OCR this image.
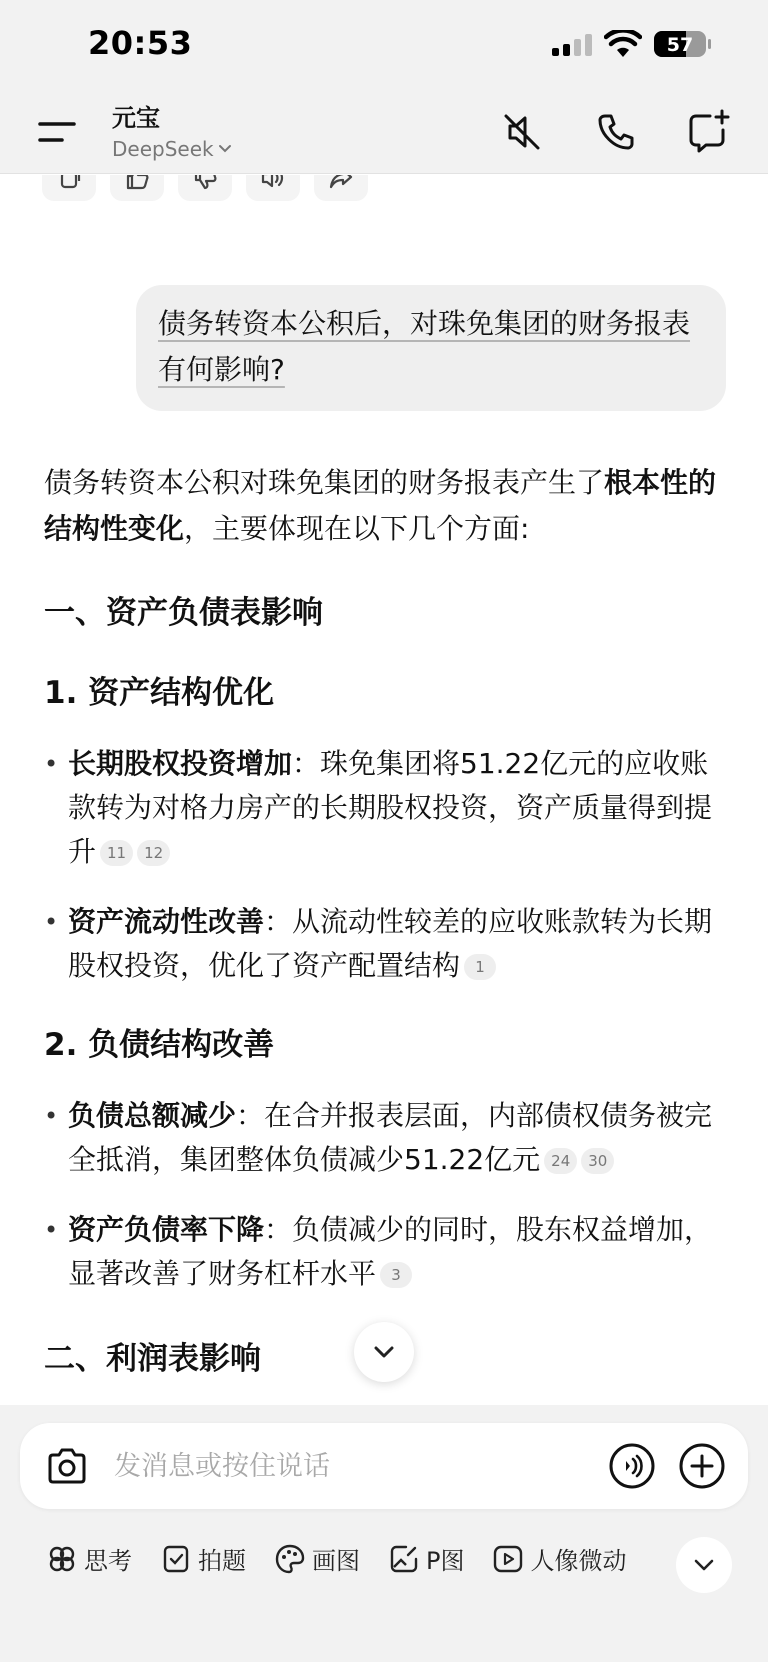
20:53	57
元宝
DeepSeek

债务转资本公积后，对珠免集团的财务报表有何影响?

债务转资本公积对珠免集团的财务报表产生了根本性的结构性变化，主要体现在以下几个方面:

一、资产负债表影响
1. 资产结构优化
• 长期股权投资增加：珠免集团将51.22亿元的应收账款转为对格力房产的长期股权投资，资产质量得到提升 11 12
• 资产流动性改善：从流动性较差的应收账款转为长期股权投资，优化了资产配置结构 1
2. 负债结构改善
• 负债总额减少：在合并报表层面，内部债权债务被完全抵消，集团整体负债减少51.22亿元 24 30
• 资产负债率下降：负债减少的同时，股东权益增加，显著改善了财务杠杆水平 3
二、利润表影响
发消息或按住说话
思考	拍题	画图	P图	人像微动
